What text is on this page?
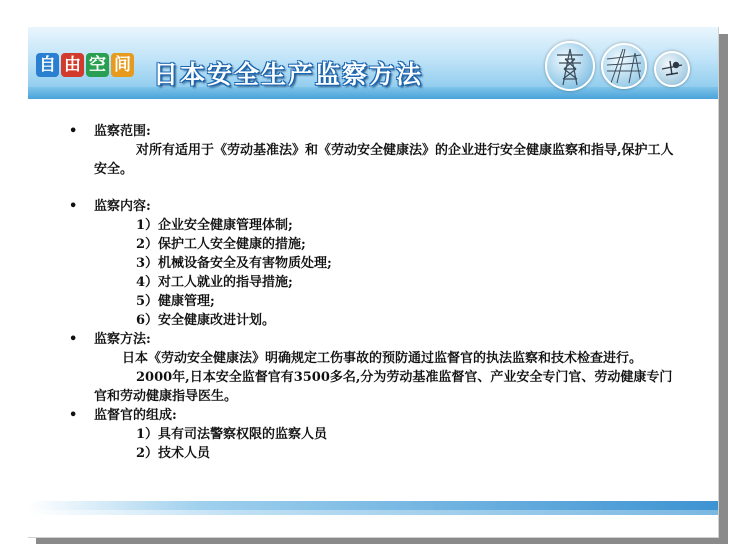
自 由 空 间 日本安全生产监察方法
• 监察范围:
对所有适用于《劳动基准法》和《劳动安全健康法》的企业进行安全健康监察和指导,保护工人安全。
• 监察内容:
1）企业安全健康管理体制;
2）保护工人安全健康的措施;
3）机械设备安全及有害物质处理;
4）对工人就业的指导措施;
5）健康管理;
6）安全健康改进计划。
• 监察方法:
日本《劳动安全健康法》明确规定工伤事故的预防通过监督官的执法监察和技术检查进行。
2000年,日本安全监督官有3500多名,分为劳动基准监督官、产业安全专门官、劳动健康专门官和劳动健康指导医生。
• 监督官的组成:
1）具有司法警察权限的监察人员
2）技术人员
